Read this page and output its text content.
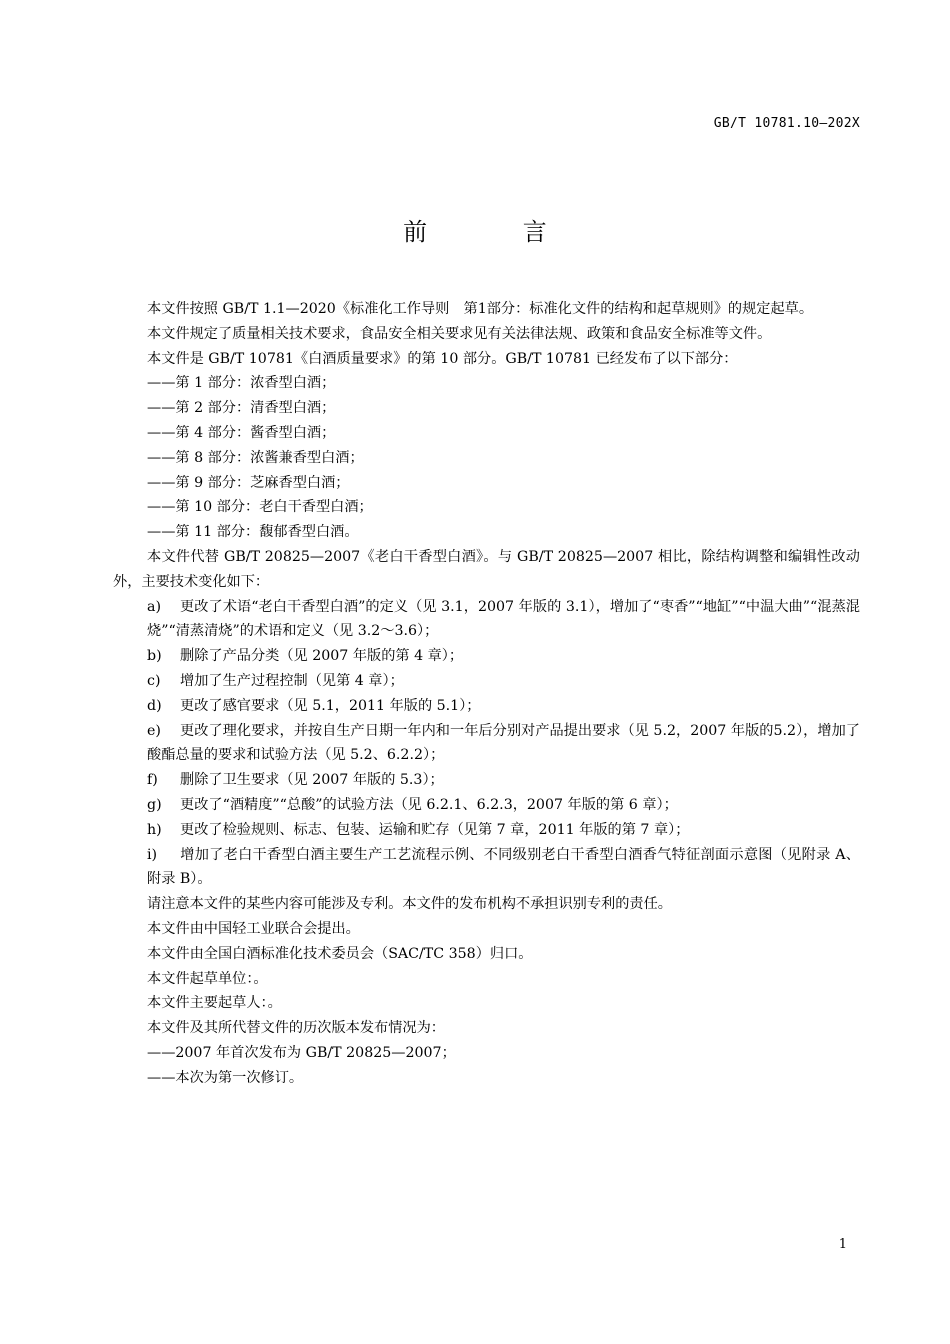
GB/T 10781.10—202X
前 言

本文件按照 GB/T 1.1—2020《标准化工作导则　第1部分：标准化文件的结构和起草规则》的规定起草。

本文件规定了质量相关技术要求，食品安全相关要求见有关法律法规、政策和食品安全标准等文件。

本文件是 GB/T 10781《白酒质量要求》的第 10 部分。GB/T 10781 已经发布了以下部分：

——第 1 部分：浓香型白酒；

——第 2 部分：清香型白酒；

——第 4 部分：酱香型白酒；

——第 8 部分：浓酱兼香型白酒；

——第 9 部分：芝麻香型白酒；

——第 10 部分：老白干香型白酒；

——第 11 部分：馥郁香型白酒。

本文件代替 GB/T 20825—2007《老白干香型白酒》。与 GB/T 20825—2007 相比，除结构调整和编辑性改动外，主要技术变化如下：

a) 更改了术语“老白干香型白酒”的定义（见 3.1，2007 年版的 3.1），增加了“枣香”“地缸”“中温大曲”“混蒸混烧”“清蒸清烧”的术语和定义（见 3.2～3.6）；

b) 删除了产品分类（见 2007 年版的第 4 章）；

c) 增加了生产过程控制（见第 4 章）；

d) 更改了感官要求（见 5.1，2011 年版的 5.1）；

e) 更改了理化要求，并按自生产日期一年内和一年后分别对产品提出要求（见 5.2，2007 年版的5.2），增加了酸酯总量的要求和试验方法（见 5.2、6.2.2）；

f) 删除了卫生要求（见 2007 年版的 5.3）；

g) 更改了“酒精度”“总酸”的试验方法（见 6.2.1、6.2.3，2007 年版的第 6 章）；

h) 更改了检验规则、标志、包装、运输和贮存（见第 7 章，2011 年版的第 7 章）；

i) 增加了老白干香型白酒主要生产工艺流程示例、不同级别老白干香型白酒香气特征剖面示意图（见附录 A、附录 B）。

请注意本文件的某些内容可能涉及专利。本文件的发布机构不承担识别专利的责任。

本文件由中国轻工业联合会提出。

本文件由全国白酒标准化技术委员会（SAC/TC 358）归口。

本文件起草单位：。

本文件主要起草人：。

本文件及其所代替文件的历次版本发布情况为：

——2007 年首次发布为 GB/T 20825—2007；

——本次为第一次修订。

1
